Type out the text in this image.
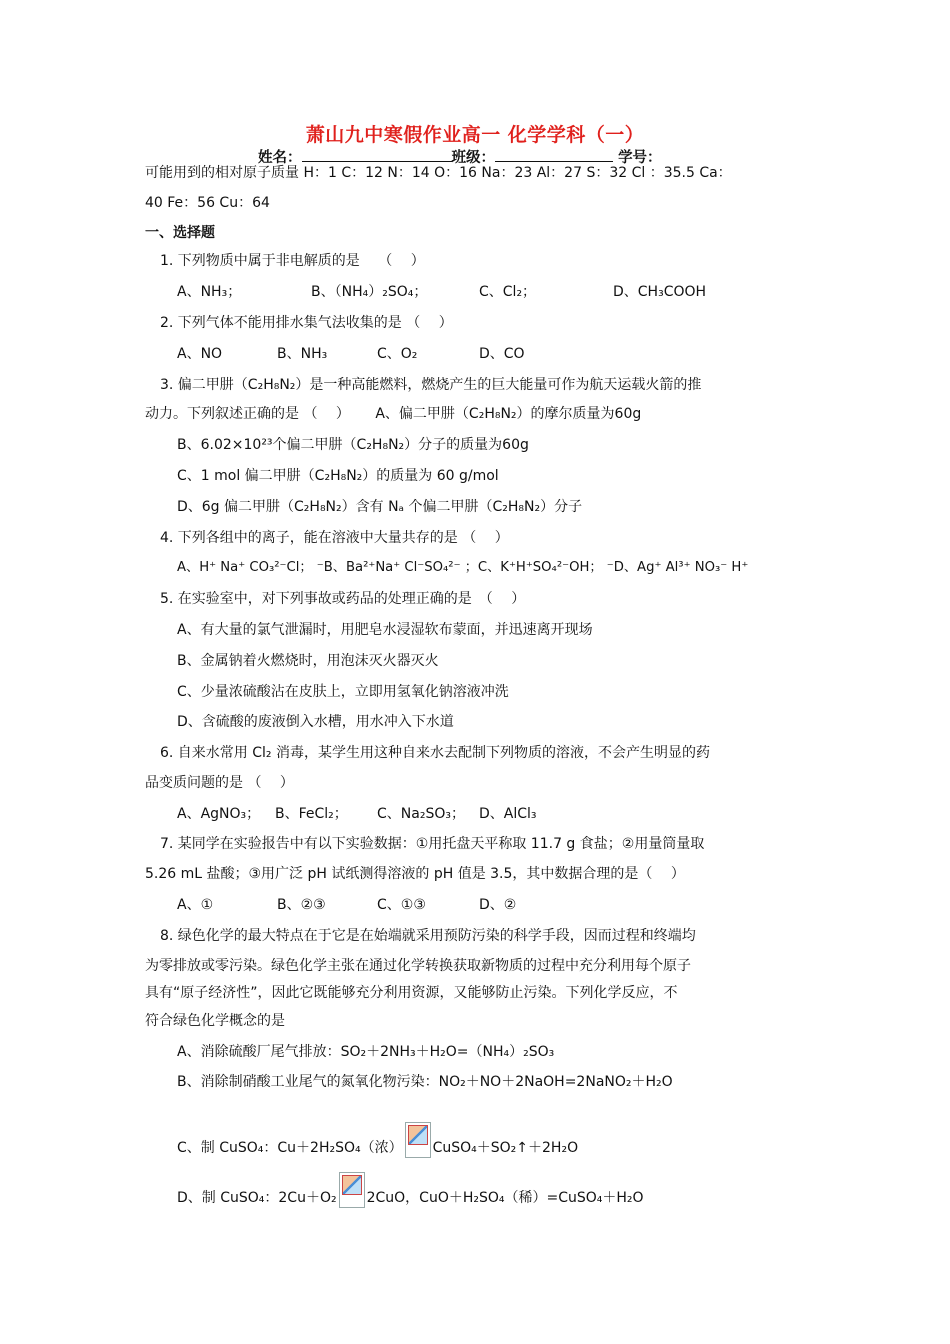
萧山九中寒假作业高一 化学学科（一）
姓名：	班级：	学号：
可能用到的相对原子质量 H：1 C：12 N：14 O：16 Na：23 Al：27 S：32 Cl ：35.5 Ca：
40 Fe：56 Cu：64
一、选择题
1. 下列物质中属于非电解质的是　 （　 ）
A、NH₃；	B、（NH₄）₂SO₄；	C、Cl₂；	D、CH₃COOH
2. 下列气体不能用排水集气法收集的是 （　 ）
A、NO	B、NH₃	C、O₂	D、CO
3. 偏二甲肼（C₂H₈N₂）是一种高能燃料，燃烧产生的巨大能量可作为航天运载火箭的推
动力。下列叙述正确的是 （　 ）　　 A、偏二甲肼（C₂H₈N₂）的摩尔质量为60g
B、6.02×10²³个偏二甲肼（C₂H₈N₂）分子的质量为60g
C、1 mol 偏二甲肼（C₂H₈N₂）的质量为 60 g/mol
D、6g 偏二甲肼（C₂H₈N₂）含有 Nₐ 个偏二甲肼（C₂H₈N₂）分子
4. 下列各组中的离子，能在溶液中大量共存的是 （　 ）
A、H⁺ Na⁺ CO₃²⁻Cl； ⁻B、Ba²⁺Na⁺ Cl⁻SO₄²⁻ ；C、K⁺H⁺SO₄²⁻OH； ⁻D、Ag⁺ Al³⁺ NO₃⁻ H⁺
5. 在实验室中，对下列事故或药品的处理正确的是　（　 ）
A、有大量的氯气泄漏时，用肥皂水浸湿软布蒙面，并迅速离开现场
B、金属钠着火燃烧时，用泡沫灭火器灭火
C、少量浓硫酸沾在皮肤上，立即用氢氧化钠溶液冲洗
D、含硫酸的废液倒入水槽，用水冲入下水道
6. 自来水常用 Cl₂ 消毒，某学生用这种自来水去配制下列物质的溶液，不会产生明显的药
品变质问题的是 （　 ）
A、AgNO₃； B、FeCl₂； C、Na₂SO₃； D、AlCl₃
7. 某同学在实验报告中有以下实验数据：①用托盘天平称取 11.7 g 食盐；②用量筒量取
5.26 mL 盐酸；③用广泛 pH 试纸测得溶液的 pH 值是 3.5，其中数据合理的是（　 ）
A、①	B、②③	C、①③	D、②
8. 绿色化学的最大特点在于它是在始端就采用预防污染的科学手段，因而过程和终端均
为零排放或零污染。绿色化学主张在通过化学转换获取新物质的过程中充分利用每个原子
具有“原子经济性”，因此它既能够充分利用资源，又能够防止污染。下列化学反应，不
符合绿色化学概念的是
A、消除硫酸厂尾气排放：SO₂＋2NH₃＋H₂O=（NH₄）₂SO₃
B、消除制硝酸工业尾气的氮氧化物污染：NO₂＋NO＋2NaOH=2NaNO₂＋H₂O
C、制 CuSO₄：Cu＋2H₂SO₄（浓） CuSO₄＋SO₂↑＋2H₂O
D、制 CuSO₄：2Cu＋O₂ 2CuO，CuO＋H₂SO₄（稀）=CuSO₄＋H₂O
